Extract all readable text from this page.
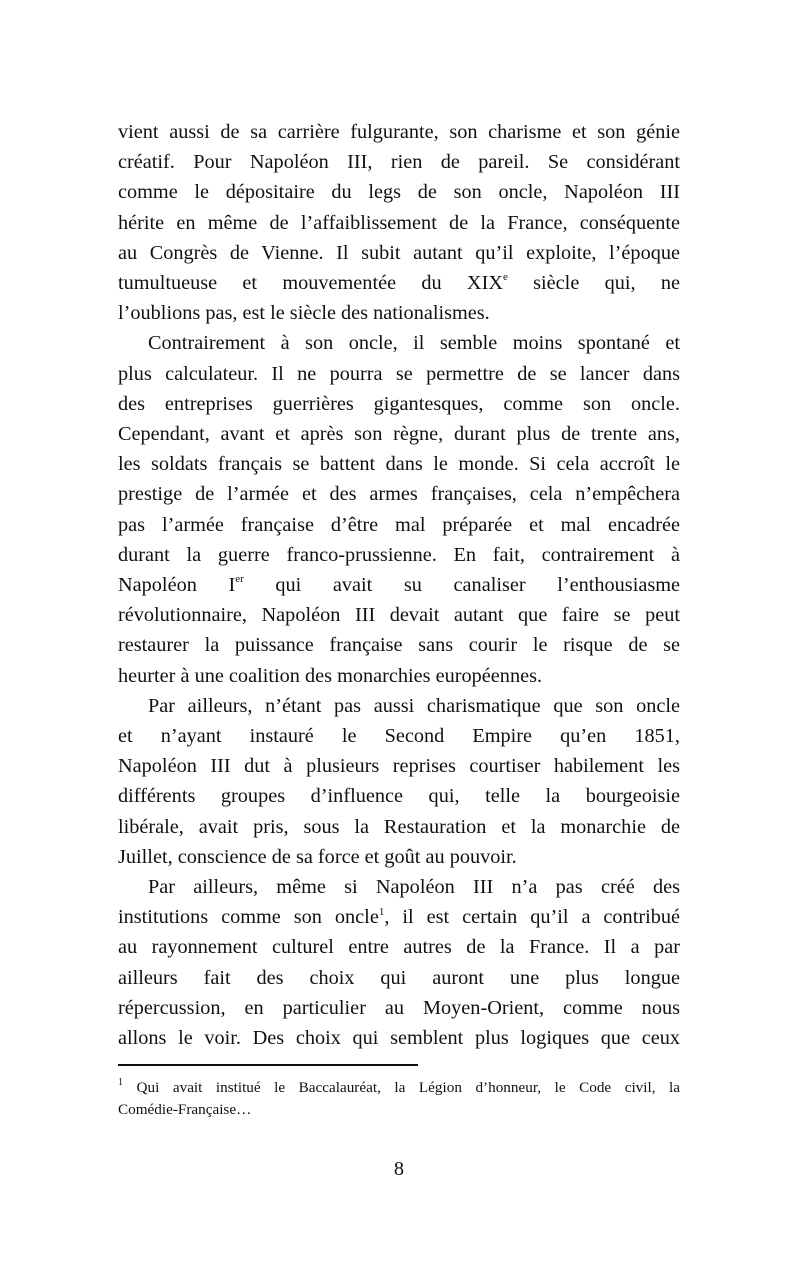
vient aussi de sa carrière fulgurante, son charisme et son génie
créatif. Pour Napoléon III, rien de pareil. Se considérant
comme le dépositaire du legs de son oncle, Napoléon III
hérite en même de l’affaiblissement de la France, conséquente
au Congrès de Vienne. Il subit autant qu’il exploite, l’époque
tumultueuse et mouvementée du XIXe siècle qui, ne
l’oublions pas, est le siècle des nationalismes.

Contrairement à son oncle, il semble moins spontané et
plus calculateur. Il ne pourra se permettre de se lancer dans
des entreprises guerrières gigantesques, comme son oncle.
Cependant, avant et après son règne, durant plus de trente ans,
les soldats français se battent dans le monde. Si cela accroît le
prestige de l’armée et des armes françaises, cela n’empêchera
pas l’armée française d’être mal préparée et mal encadrée
durant la guerre franco-prussienne. En fait, contrairement à
Napoléon Ier qui avait su canaliser l’enthousiasme
révolutionnaire, Napoléon III devait autant que faire se peut
restaurer la puissance française sans courir le risque de se
heurter à une coalition des monarchies européennes.

Par ailleurs, n’étant pas aussi charismatique que son oncle
et n’ayant instauré le Second Empire qu’en 1851,
Napoléon III dut à plusieurs reprises courtiser habilement les
différents groupes d’influence qui, telle la bourgeoisie
libérale, avait pris, sous la Restauration et la monarchie de
Juillet, conscience de sa force et goût au pouvoir.

Par ailleurs, même si Napoléon III n’a pas créé des
institutions comme son oncle$^1$, il est certain qu’il a contribué
au rayonnement culturel entre autres de la France. Il a par
ailleurs fait des choix qui auront une plus longue
répercussion, en particulier au Moyen-Orient, comme nous
allons le voir. Des choix qui semblent plus logiques que ceux

$^1$ Qui avait institué le Baccalauréat, la Légion d’honneur, le Code civil, la
Comédie-Française…
8
